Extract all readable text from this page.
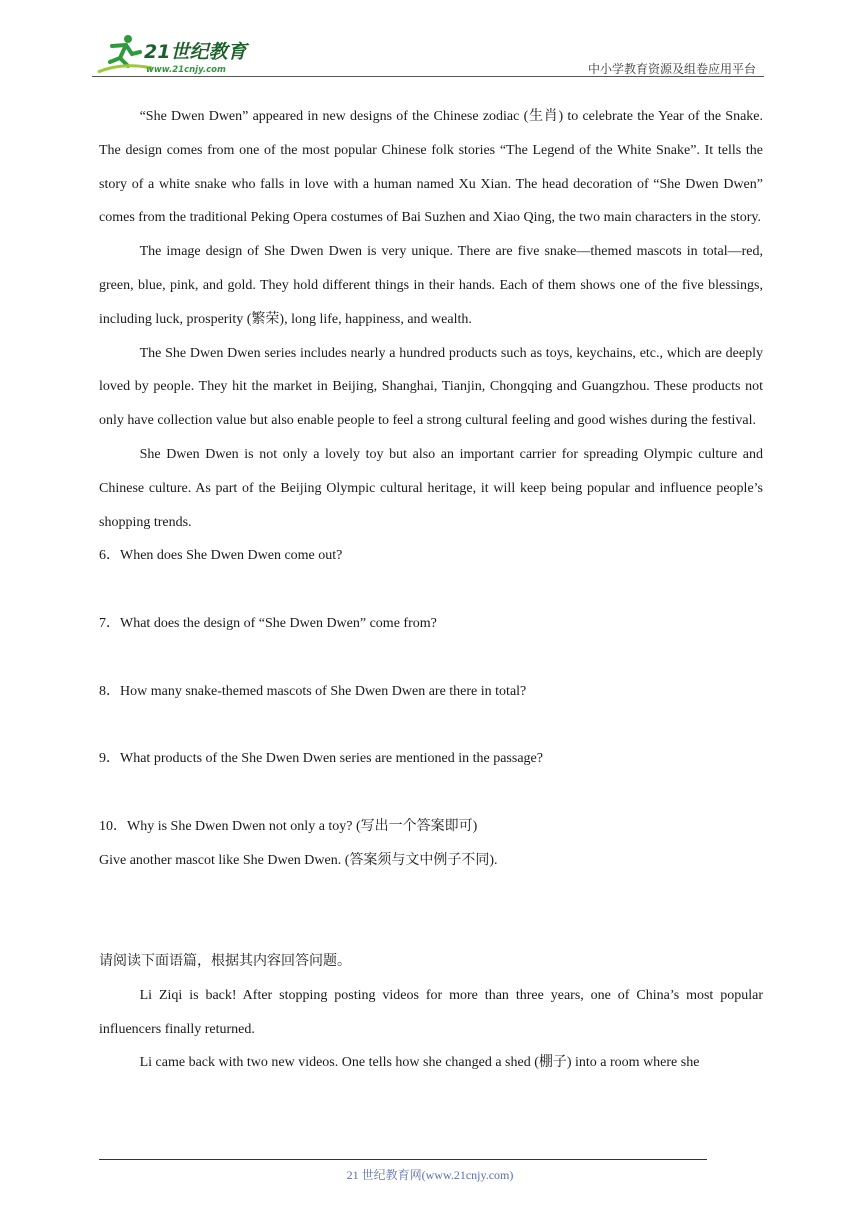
21世纪教育
www.21cnjy.com	中小学教育资源及组卷应用平台

“She Dwen Dwen” appeared in new designs of the Chinese zodiac (生肖) to celebrate the Year of the Snake. The design comes from one of the most popular Chinese folk stories “The Legend of the White Snake”. It tells the story of a white snake who falls in love with a human named Xu Xian. The head decoration of “She Dwen Dwen” comes from the traditional Peking Opera costumes of Bai Suzhen and Xiao Qing, the two main characters in the story.

The image design of She Dwen Dwen is very unique. There are five snake—themed mascots in total—red, green, blue, pink, and gold. They hold different things in their hands. Each of them shows one of the five blessings, including luck, prosperity (繁荣), long life, happiness, and wealth.

The She Dwen Dwen series includes nearly a hundred products such as toys, keychains, etc., which are deeply loved by people. They hit the market in Beijing, Shanghai, Tianjin, Chongqing and Guangzhou. These products not only have collection value but also enable people to feel a strong cultural feeling and good wishes during the festival.

She Dwen Dwen is not only a lovely toy but also an important carrier for spreading Olympic culture and Chinese culture. As part of the Beijing Olympic cultural heritage, it will keep being popular and influence people’s shopping trends.

6．When does She Dwen Dwen come out?
7．What does the design of “She Dwen Dwen” come from?
8．How many snake-themed mascots of She Dwen Dwen are there in total?
9．What products of the She Dwen Dwen series are mentioned in the passage?
10．Why is She Dwen Dwen not only a toy? (写出一个答案即可)
Give another mascot like She Dwen Dwen. (答案须与文中例子不同).
请阅读下面语篇，根据其内容回答问题。

Li Ziqi is back! After stopping posting videos for more than three years, one of China’s most popular influencers finally returned.

Li came back with two new videos. One tells how she changed a shed (棚子) into a room where she

21 世纪教育网(www.21cnjy.com)
